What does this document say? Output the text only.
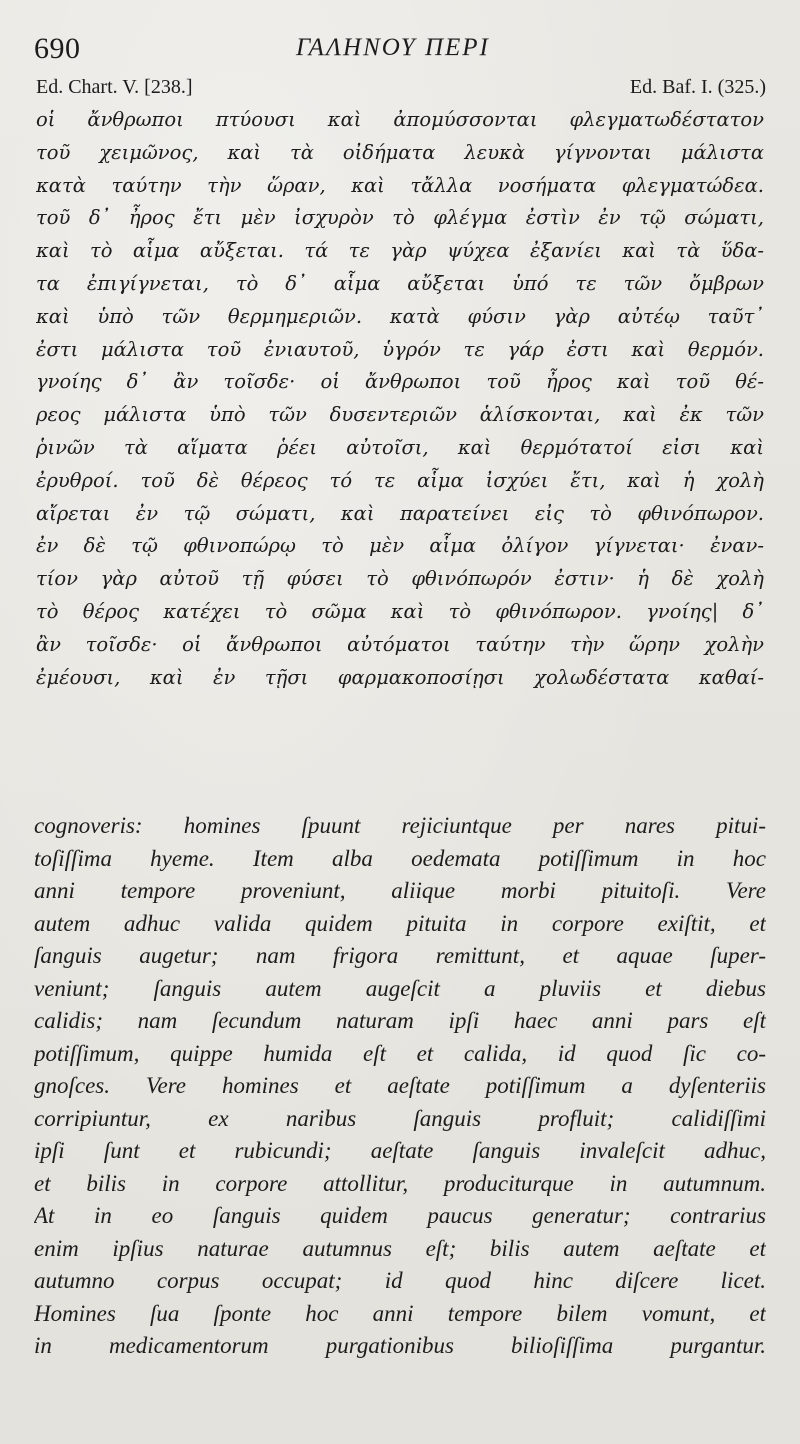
690	ΓΑΛΗΝΟΥ ΠΕΡΙ
Ed. Chart. V. [238.]	Ed. Baf. I. (325.)
οἱ ἄνθρωποι πτύουσι καὶ ἀπομύσσονται φλεγματωδέστατον
τοῦ χειμῶνος, καὶ τὰ οἰδήματα λευκὰ γίγνονται μάλιστα
κατὰ ταύτην τὴν ὥραν, καὶ τἄλλα νοσήματα φλεγματώδεα.
τοῦ δ᾽ ἦρος ἔτι μὲν ἰσχυρὸν τὸ φλέγμα ἐστὶν ἐν τῷ σώματι,
καὶ τὸ αἷμα αὔξεται. τά τε γὰρ ψύχεα ἐξανίει καὶ τὰ ὕδα-
τα ἐπιγίγνεται, τὸ δ᾽ αἷμα αὔξεται ὑπό τε τῶν ὄμβρων
καὶ ὑπὸ τῶν θερμημεριῶν. κατὰ φύσιν γὰρ αὐτέῳ ταῦτ᾽
ἐστι μάλιστα τοῦ ἐνιαυτοῦ, ὑγρόν τε γάρ ἐστι καὶ θερμόν.
γνοίης δ᾽ ἂν τοῖσδε· οἱ ἄνθρωποι τοῦ ἦρος καὶ τοῦ θέ-
ρεος μάλιστα ὑπὸ τῶν δυσεντεριῶν ἁλίσκονται, καὶ ἐκ τῶν
ῥινῶν τὰ αἵματα ῥέει αὐτοῖσι, καὶ θερμότατοί εἰσι καὶ
ἐρυθροί. τοῦ δὲ θέρεος τό τε αἷμα ἰσχύει ἔτι, καὶ ἡ χολὴ
αἴρεται ἐν τῷ σώματι, καὶ παρατείνει εἰς τὸ φθινόπωρον.
ἐν δὲ τῷ φθινοπώρῳ τὸ μὲν αἷμα ὀλίγον γίγνεται· ἐναν-
τίον γὰρ αὐτοῦ τῇ φύσει τὸ φθινόπωρόν ἐστιν· ἡ δὲ χολὴ
τὸ θέρος κατέχει τὸ σῶμα καὶ τὸ φθινόπωρον. γνοίης| δ᾽
ἂν τοῖσδε· οἱ ἄνθρωποι αὐτόματοι ταύτην τὴν ὥρην χολὴν
ἐμέουσι, καὶ ἐν τῇσι φαρμακοποσίῃσι χολωδέστατα καθαί-
cognoveris: homines ſpuunt rejiciuntque per nares pitui-
toſiſſima hyeme. Item alba oedemata potiſſimum in hoc
anni tempore proveniunt, aliique morbi pituitoſi. Vere
autem adhuc valida quidem pituita in corpore exiſtit, et
ſanguis augetur; nam frigora remittunt, et aquae ſuper-
veniunt; ſanguis autem augeſcit a pluviis et diebus
calidis; nam ſecundum naturam ipſi haec anni pars eſt
potiſſimum, quippe humida eſt et calida, id quod ſic co-
gnoſces. Vere homines et aeſtate potiſſimum a dyſenteriis
corripiuntur, ex naribus ſanguis profluit; calidiſſimi
ipſi ſunt et rubicundi; aeſtate ſanguis invaleſcit adhuc,
et bilis in corpore attollitur, produciturque in autumnum.
At in eo ſanguis quidem paucus generatur; contrarius
enim ipſius naturae autumnus eſt; bilis autem aeſtate et
autumno corpus occupat; id quod hinc diſcere licet.
Homines ſua ſponte hoc anni tempore bilem vomunt, et
in medicamentorum purgationibus bilioſiſſima purgantur.
